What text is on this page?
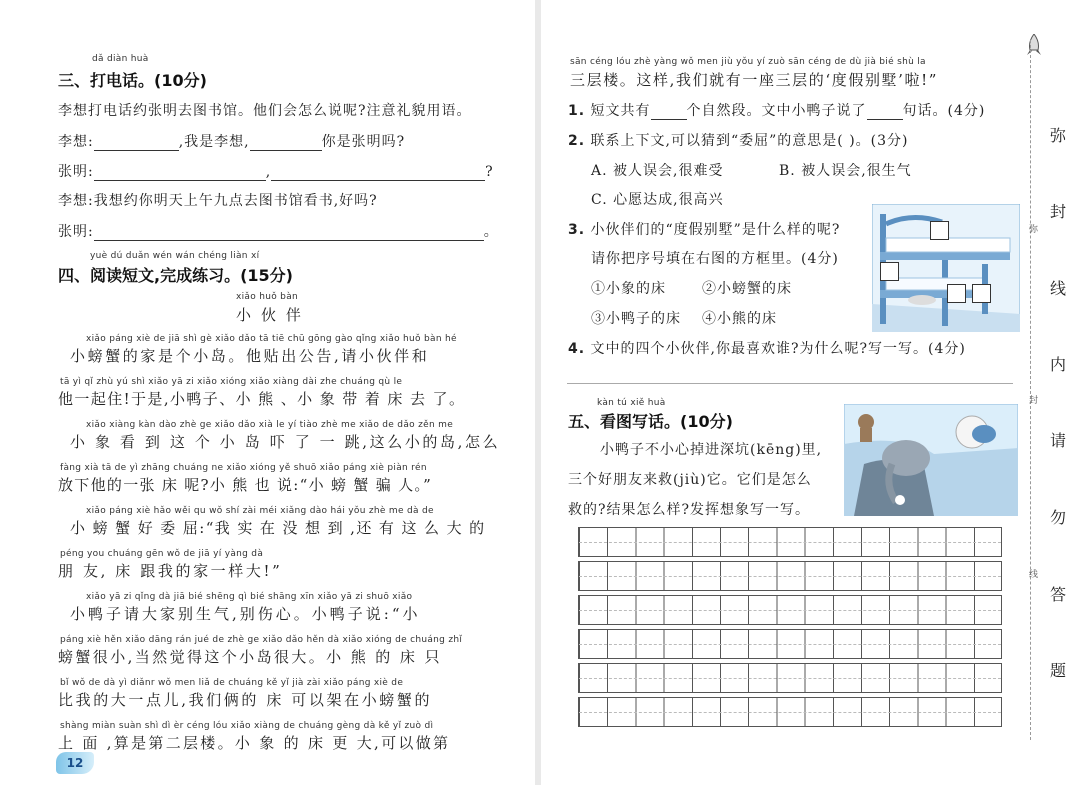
dǎ diàn huà
三、打电话。(10分)
李想打电话约张明去图书馆。他们会怎么说呢?注意礼貌用语。
李想:	,我是李想,	你是张明吗?
张明:	,	?
李想:我想约你明天上午九点去图书馆看书,好吗?
张明:	。
yuè dú duǎn wén wán chéng liàn xí
四、阅读短文,完成练习。(15分)
xiǎo huǒ bàn
小 伙 伴
xiǎo páng xiè de jiā shì gè xiǎo dǎo tā tiē chū gōng gào qǐng xiǎo huǒ bàn hé
小螃蟹的家是个小岛。他贴出公告,请小伙伴和
tā yì qǐ zhù yú shì xiǎo yā zi xiǎo xióng xiǎo xiàng dài zhe chuáng qù le
他一起住!于是,小鸭子、小 熊 、小 象 带 着 床 去 了。
xiǎo xiàng kàn dào zhè ge xiǎo dǎo xià le yí tiào zhè me xiǎo de dǎo zěn me
小 象 看 到 这 个 小 岛 吓 了 一 跳,这么小的岛,怎么
fàng xià tā de yì zhāng chuáng ne xiǎo xióng yě shuō xiǎo páng xiè piàn rén
放下他的一张 床 呢?小 熊 也 说:“小 螃 蟹 骗 人。”
xiǎo páng xiè hǎo wěi qu wǒ shí zài méi xiǎng dào hái yǒu zhè me dà de
小 螃 蟹 好 委 屈:“我 实 在 没 想 到 ,还 有 这 么 大 的
péng you chuáng gēn wǒ de jiā yí yàng dà
朋 友, 床 跟我的家一样大!”
xiǎo yā zi qǐng dà jiā bié shēng qì bié shāng xīn xiǎo yā zi shuō xiǎo
小鸭子请大家别生气,别伤心。小鸭子说:“小
páng xiè hěn xiǎo dāng rán jué de zhè ge xiǎo dǎo hěn dà xiǎo xióng de chuáng zhǐ
螃蟹很小,当然觉得这个小岛很大。小 熊 的 床 只
bǐ wǒ de dà yì diǎnr wǒ men liǎ de chuáng kě yǐ jià zài xiǎo páng xiè de
比我的大一点儿,我们俩的 床 可以架在小螃蟹的
shàng miàn suàn shì dì èr céng lóu xiǎo xiàng de chuáng gèng dà kě yǐ zuò dì
上 面 ,算是第二层楼。小 象 的 床 更 大,可以做第
12
sān céng lóu zhè yàng wǒ men jiù yǒu yí zuò sān céng de dù jià bié shù la
三层楼。这样,我们就有一座三层的‘度假别墅’啦!”
1. 短文共有	个自然段。文中小鸭子说了	句话。(4分)
2. 联系上下文,可以猜到“委屈”的意思是( )。(3分)
A. 被人误会,很难受	B. 被人误会,很生气
C. 心愿达成,很高兴
3. 小伙伴们的“度假别墅”是什么样的呢?
请你把序号填在右图的方框里。(4分)
①小象的床	②小螃蟹的床
③小鸭子的床 ④小熊的床
4. 文中的四个小伙伴,你最喜欢谁?为什么呢?写一写。(4分)
kàn tú xiě huà
五、看图写话。(10分)
小鸭子不小心掉进深坑(kēng)里,
三个好朋友来救(jiù)它。它们是怎么
救的?结果怎么样?发挥想象写一写。
弥
封
线
内
请
勿
答
题
弥
封
线
